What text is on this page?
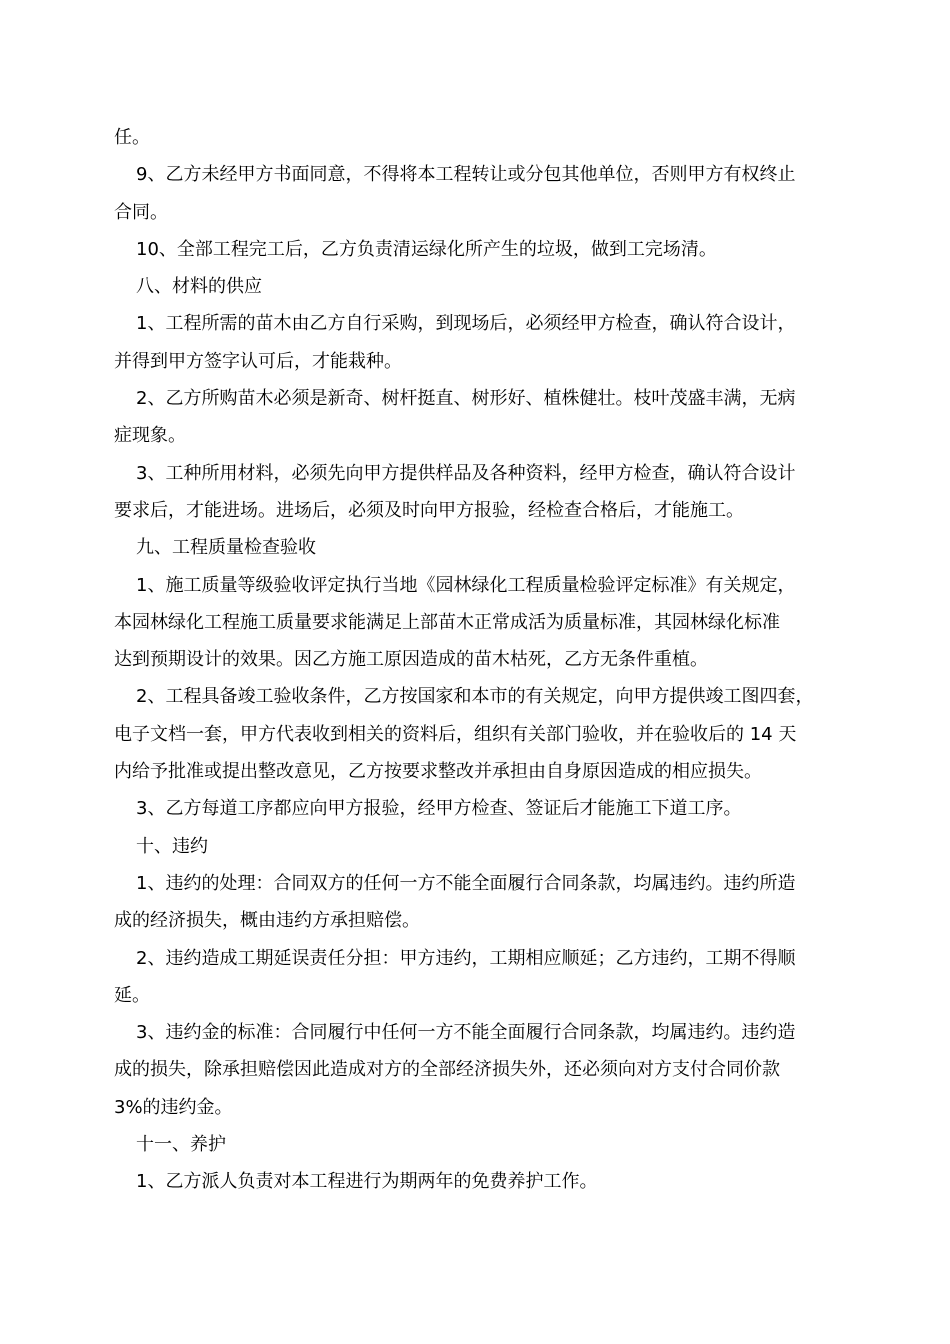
任。

9、乙方未经甲方书面同意，不得将本工程转让或分包其他单位，否则甲方有权终止

合同。

10、全部工程完工后，乙方负责清运绿化所产生的垃圾，做到工完场清。

八、材料的供应

1、工程所需的苗木由乙方自行采购，到现场后，必须经甲方检查，确认符合设计，

并得到甲方签字认可后，才能栽种。

2、乙方所购苗木必须是新奇、树杆挺直、树形好、植株健壮。枝叶茂盛丰满，无病

症现象。

3、工种所用材料，必须先向甲方提供样品及各种资料，经甲方检查，确认符合设计

要求后，才能进场。进场后，必须及时向甲方报验，经检查合格后，才能施工。

九、工程质量检查验收

1、施工质量等级验收评定执行当地《园林绿化工程质量检验评定标准》有关规定，

本园林绿化工程施工质量要求能满足上部苗木正常成活为质量标准，其园林绿化标准

达到预期设计的效果。因乙方施工原因造成的苗木枯死，乙方无条件重植。

2、工程具备竣工验收条件，乙方按国家和本市的有关规定，向甲方提供竣工图四套，

电子文档一套，甲方代表收到相关的资料后，组织有关部门验收，并在验收后的 14 天

内给予批准或提出整改意见，乙方按要求整改并承担由自身原因造成的相应损失。

3、乙方每道工序都应向甲方报验，经甲方检查、签证后才能施工下道工序。

十、违约

1、违约的处理：合同双方的任何一方不能全面履行合同条款，均属违约。违约所造

成的经济损失，概由违约方承担赔偿。

2、违约造成工期延误责任分担：甲方违约，工期相应顺延；乙方违约，工期不得顺

延。

3、违约金的标准：合同履行中任何一方不能全面履行合同条款，均属违约。违约造

成的损失，除承担赔偿因此造成对方的全部经济损失外，还必须向对方支付合同价款

3%的违约金。

十一、养护

1、乙方派人负责对本工程进行为期两年的免费养护工作。
